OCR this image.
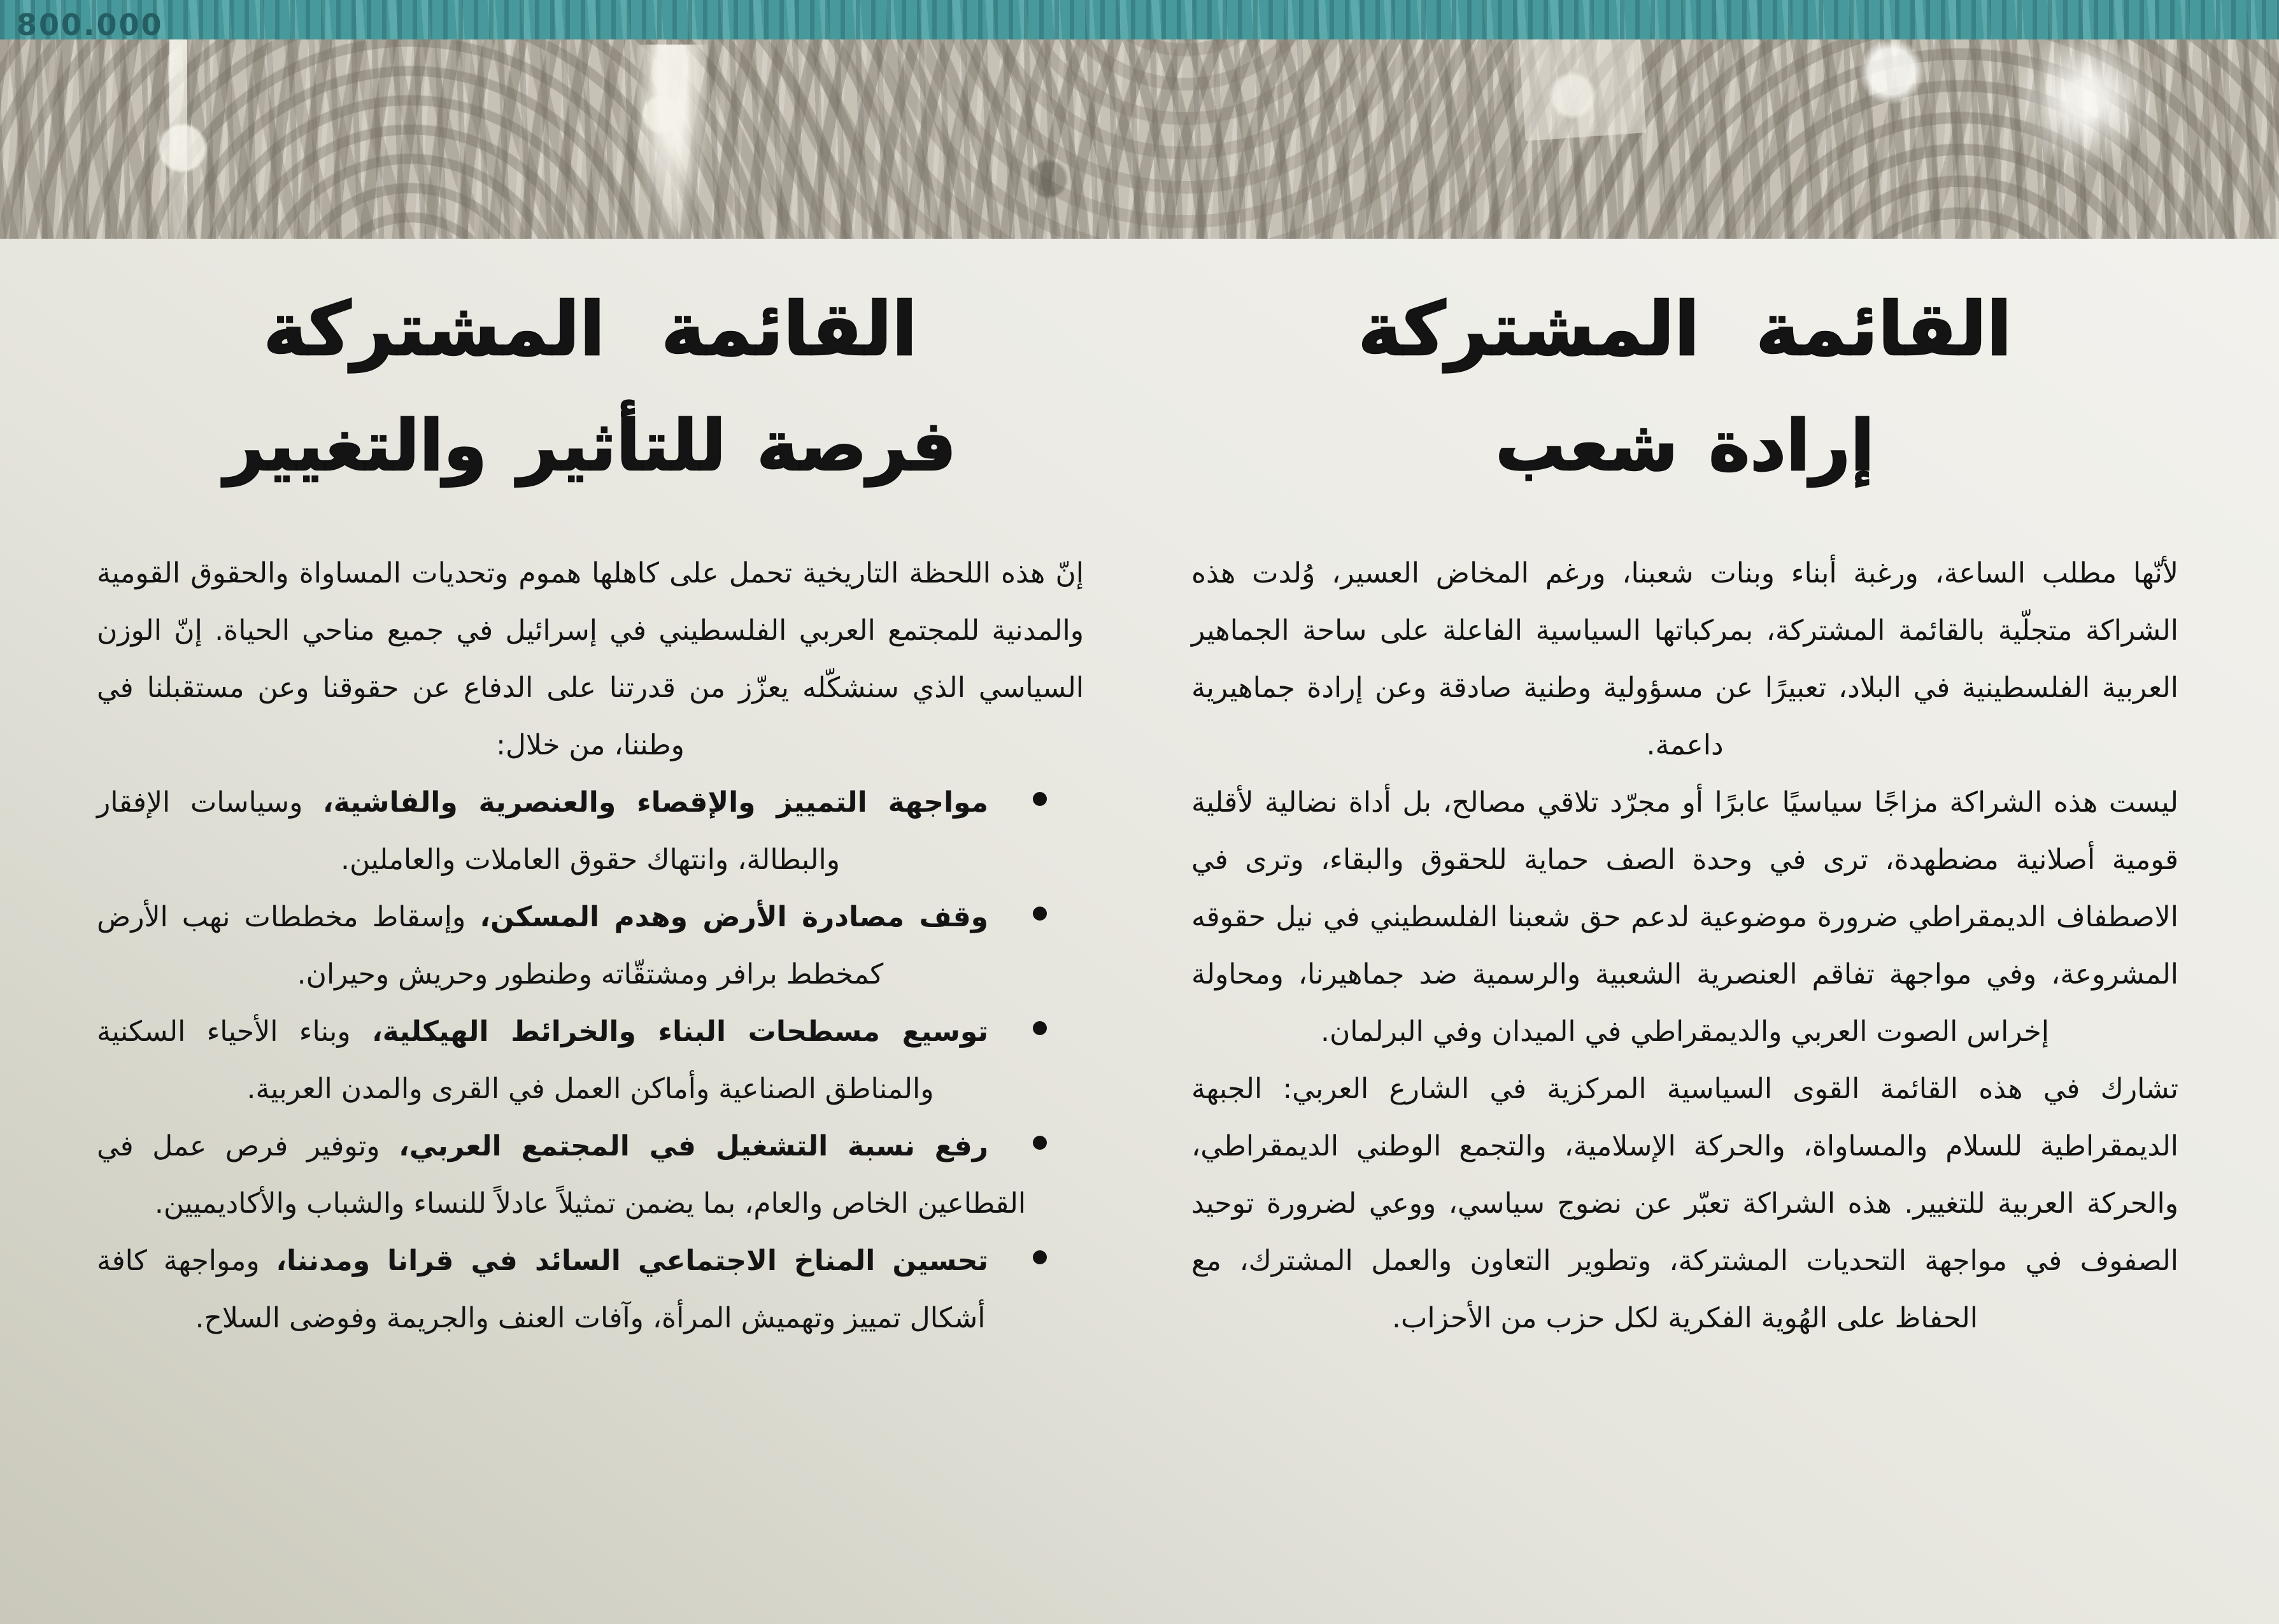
800.000
القائمة المشتركة
إرادة شعب

لأنّها مطلب الساعة، ورغبة أبناء وبنات شعبنا، ورغم المخاض العسير، وُلدت هذه الشراكة متجلّية بالقائمة المشتركة، بمركباتها السياسية الفاعلة على ساحة الجماهير العربية الفلسطينية في البلاد، تعبيرًا عن مسؤولية وطنية صادقة وعن إرادة جماهيرية داعمة.

ليست هذه الشراكة مزاجًا سياسيًا عابرًا أو مجرّد تلاقي مصالح، بل أداة نضالية لأقلية قومية أصلانية مضطهدة، ترى في وحدة الصف حماية للحقوق والبقاء، وترى في الاصطفاف الديمقراطي ضرورة موضوعية لدعم حق شعبنا الفلسطيني في نيل حقوقه المشروعة، وفي مواجهة تفاقم العنصرية الشعبية والرسمية ضد جماهيرنا، ومحاولة إخراس الصوت العربي والديمقراطي في الميدان وفي البرلمان.

تشارك في هذه القائمة القوى السياسية المركزية في الشارع العربي: الجبهة الديمقراطية للسلام والمساواة، والحركة الإسلامية، والتجمع الوطني الديمقراطي، والحركة العربية للتغيير. هذه الشراكة تعبّر عن نضوج سياسي، ووعي لضرورة توحيد الصفوف في مواجهة التحديات المشتركة، وتطوير التعاون والعمل المشترك، مع الحفاظ على الهُوية الفكرية لكل حزب من الأحزاب.

القائمة المشتركة
فرصة للتأثير والتغيير

إنّ هذه اللحظة التاريخية تحمل على كاهلها هموم وتحديات المساواة والحقوق القومية والمدنية للمجتمع العربي الفلسطيني في إسرائيل في جميع مناحي الحياة. إنّ الوزن السياسي الذي سنشكّله يعزّز من قدرتنا على الدفاع عن حقوقنا وعن مستقبلنا في وطننا، من خلال:

مواجهة التمييز والإقصاء والعنصرية والفاشية، وسياسات الإفقار والبطالة، وانتهاك حقوق العاملات والعاملين.

وقف مصادرة الأرض وهدم المسكن، وإسقاط مخططات نهب الأرض كمخطط برافر ومشتقّاته وطنطور وحريش وحيران.

توسيع مسطحات البناء والخرائط الهيكلية، وبناء الأحياء السكنية والمناطق الصناعية وأماكن العمل في القرى والمدن العربية.

رفع نسبة التشغيل في المجتمع العربي، وتوفير فرص عمل في القطاعين الخاص والعام، بما يضمن تمثيلاً عادلاً للنساء والشباب والأكاديميين.

تحسين المناخ الاجتماعي السائد في قرانا ومدننا، ومواجهة كافة أشكال تمييز وتهميش المرأة، وآفات العنف والجريمة وفوضى السلاح.
